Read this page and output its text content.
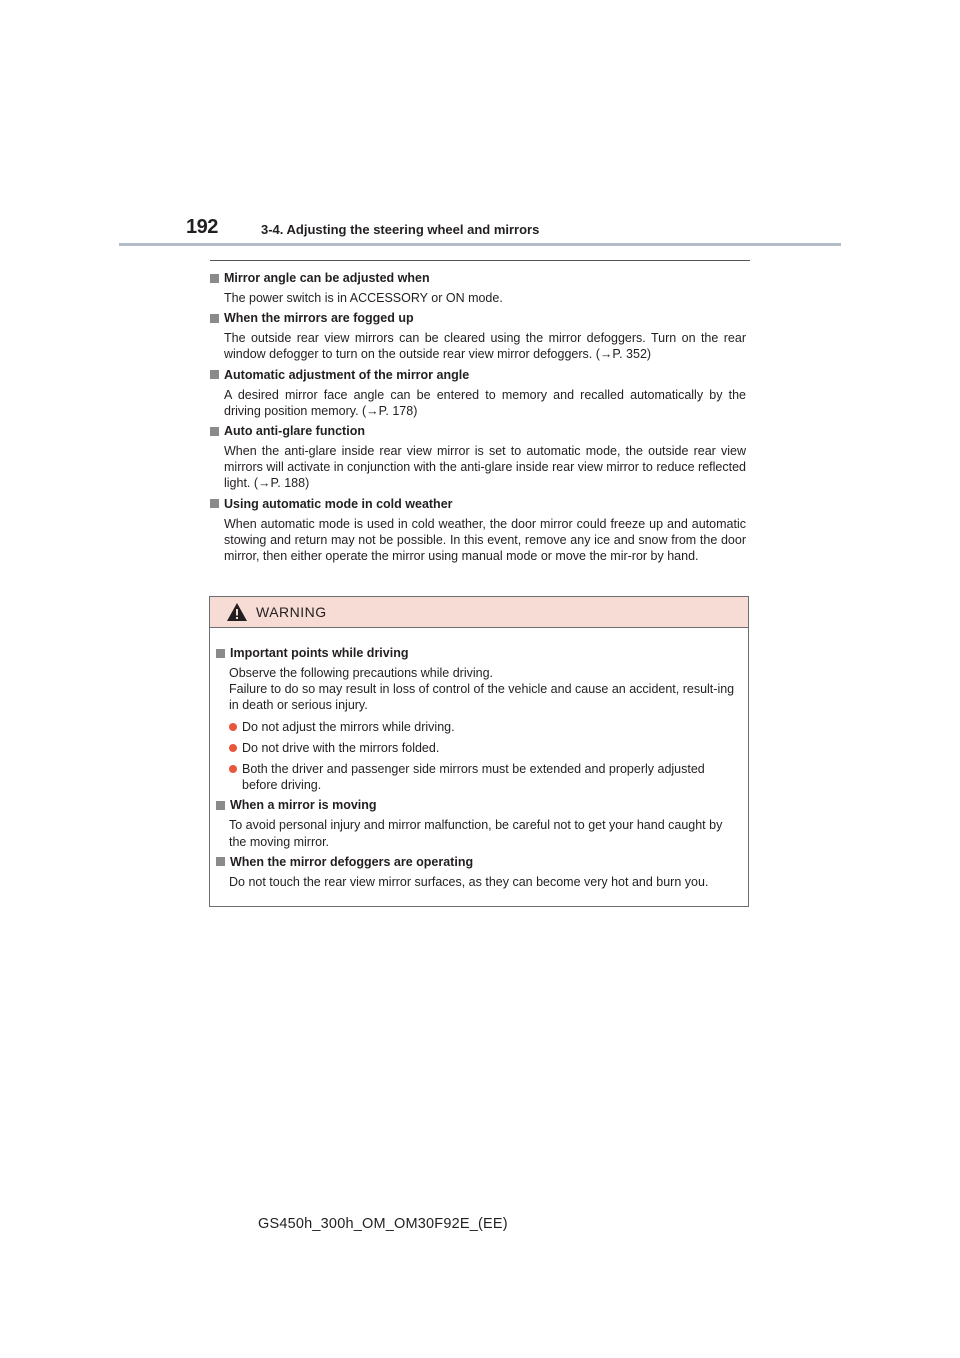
192	3-4. Adjusting the steering wheel and mirrors
Mirror angle can be adjusted when
The power switch is in ACCESSORY or ON mode.
When the mirrors are fogged up
The outside rear view mirrors can be cleared using the mirror defoggers. Turn on the rear window defogger to turn on the outside rear view mirror defoggers. (→P. 352)
Automatic adjustment of the mirror angle
A desired mirror face angle can be entered to memory and recalled automatically by the driving position memory. (→P. 178)
Auto anti-glare function
When the anti-glare inside rear view mirror is set to automatic mode, the outside rear view mirrors will activate in conjunction with the anti-glare inside rear view mirror to reduce reflected light. (→P. 188)
Using automatic mode in cold weather
When automatic mode is used in cold weather, the door mirror could freeze up and automatic stowing and return may not be possible. In this event, remove any ice and snow from the door mirror, then either operate the mirror using manual mode or move the mir-ror by hand.
WARNING
Important points while driving
Observe the following precautions while driving.
Failure to do so may result in loss of control of the vehicle and cause an accident, result-ing in death or serious injury.
Do not adjust the mirrors while driving.
Do not drive with the mirrors folded.
Both the driver and passenger side mirrors must be extended and properly adjusted before driving.
When a mirror is moving
To avoid personal injury and mirror malfunction, be careful not to get your hand caught by the moving mirror.
When the mirror defoggers are operating
Do not touch the rear view mirror surfaces, as they can become very hot and burn you.
GS450h_300h_OM_OM30F92E_(EE)
